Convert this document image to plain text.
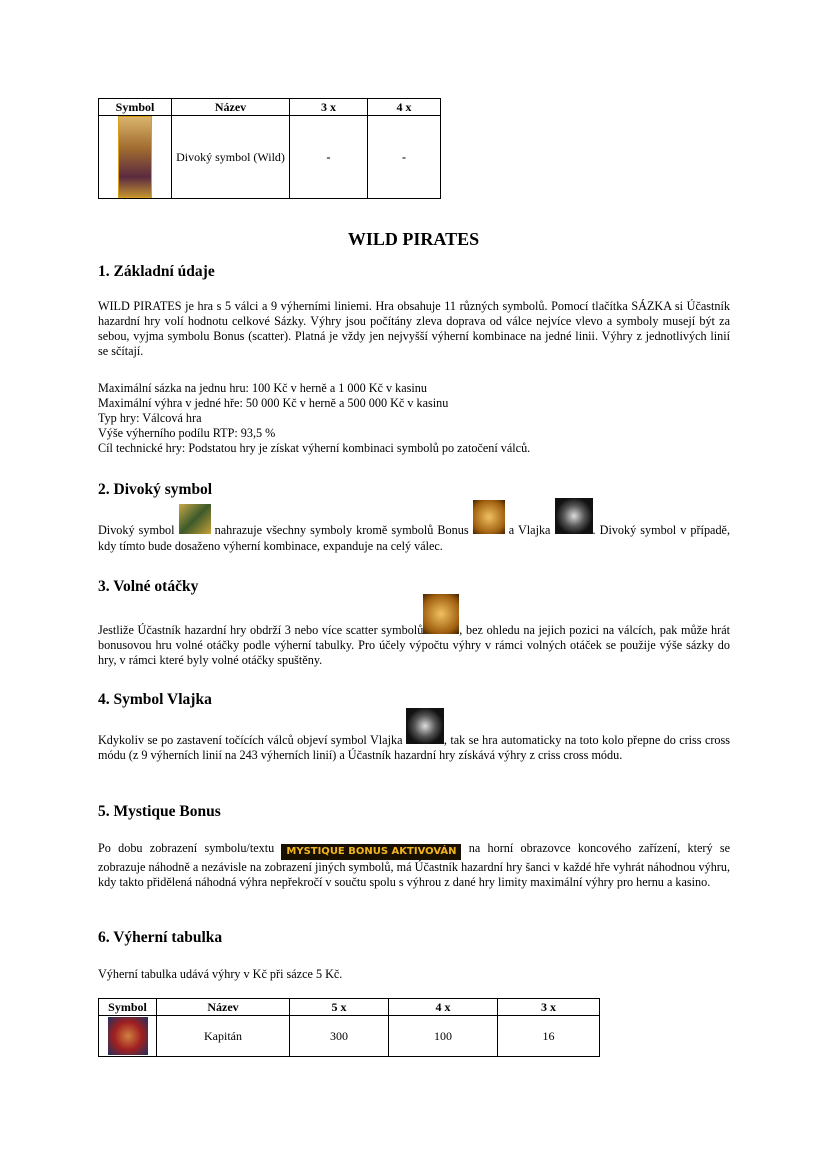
Symbol	Název	3 x	4 x

	Divoký symbol (Wild)	-	-
WILD PIRATES
1. Základní údaje
WILD PIRATES je hra s 5 válci a 9 výherními liniemi. Hra obsahuje 11 různých symbolů. Pomocí tlačítka SÁZKA si Účastník hazardní hry volí hodnotu celkové Sázky. Výhry jsou počítány zleva doprava od válce nejvíce vlevo a symboly musejí být za sebou, vyjma symbolu Bonus (scatter). Platná je vždy jen nejvyšší výherní kombinace na jedné linii. Výhry z jednotlivých linií se sčítají.
Maximální sázka na jednu hru: 100 Kč v herně a 1 000 Kč v kasinu
Maximální výhra v jedné hře: 50 000 Kč v herně a 500 000 Kč v kasinu
Typ hry: Válcová hra
Výše výherního podílu RTP: 93,5 %
Cíl technické hry: Podstatou hry je získat výherní kombinaci symbolů po zatočení válců.
2. Divoký symbol
Divoký symbol	nahrazuje všechny symboly kromě symbolů Bonus	a Vlajka	. Divoký symbol v případě, kdy tímto bude dosaženo výherní kombinace, expanduje na celý válec.
3. Volné otáčky
Jestliže Účastník hazardní hry obdrží 3 nebo více scatter symbolů	, bez ohledu na jejich pozici na válcích, pak může hrát bonusovou hru volné otáčky podle výherní tabulky. Pro účely výpočtu výhry v rámci volných otáček se použije výše sázky do hry, v rámci které byly volné otáčky spuštěny.
4. Symbol Vlajka
Kdykoliv se po zastavení točících válců objeví symbol Vlajka	, tak se hra automaticky na toto kolo přepne do criss cross módu (z 9 výherních linií na 243 výherních linií) a Účastník hazardní hry získává výhry z criss cross módu.
5. Mystique Bonus
Po dobu zobrazení symbolu/textu MYSTIQUE BONUS AKTIVOVÁN na horní obrazovce koncového zařízení, který se zobrazuje náhodně a nezávisle na zobrazení jiných symbolů, má Účastník hazardní hry šanci v každé hře vyhrát náhodnou výhru, kdy takto přidělená náhodná výhra nepřekročí v součtu spolu s výhrou z dané hry limity maximální výhry pro hernu a kasino.
6. Výherní tabulka
Výherní tabulka udává výhry v Kč při sázce 5 Kč.
Symbol	Název	5 x	4 x	3 x

	Kapitán	300	100	16
